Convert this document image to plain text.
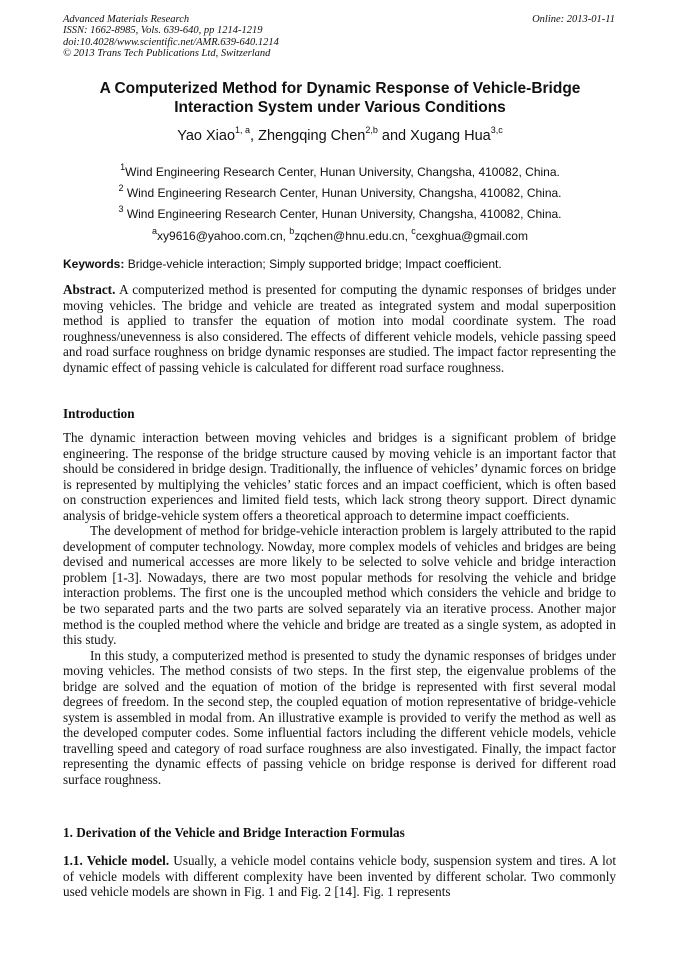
Advanced Materials Research
ISSN: 1662-8985, Vols. 639-640, pp 1214-1219
doi:10.4028/www.scientific.net/AMR.639-640.1214
© 2013 Trans Tech Publications Ltd, Switzerland
Online: 2013-01-11
A Computerized Method for Dynamic Response of Vehicle-Bridge
Interaction System under Various Conditions
Yao Xiao$^{1, a}$, Zhengqing Chen$^{2,b}$ and Xugang Hua$^{3,c}$
$^1$Wind Engineering Research Center, Hunan University, Changsha, 410082, China.
$^2$ Wind Engineering Research Center, Hunan University, Changsha, 410082, China.
$^3$ Wind Engineering Research Center, Hunan University, Changsha, 410082, China.
$^a$xy9616@yahoo.com.cn, $^b$zqchen@hnu.edu.cn, $^c$cexghua@gmail.com
Keywords: Bridge-vehicle interaction; Simply supported bridge; Impact coefficient.
Abstract. A computerized method is presented for computing the dynamic responses of bridges under moving vehicles. The bridge and vehicle are treated as integrated system and modal superposition method is applied to transfer the equation of motion into modal coordinate system. The road roughness/unevenness is also considered. The effects of different vehicle models, vehicle passing speed and road surface roughness on bridge dynamic responses are studied. The impact factor representing the dynamic effect of passing vehicle is calculated for different road surface roughness.
Introduction

The dynamic interaction between moving vehicles and bridges is a significant problem of bridge engineering. The response of the bridge structure caused by moving vehicle is an important factor that should be considered in bridge design. Traditionally, the influence of vehicles’ dynamic forces on bridge is represented by multiplying the vehicles’ static forces and an impact coefficient, which is often based on construction experiences and limited field tests, which lack strong theory support. Direct dynamic analysis of bridge-vehicle system offers a theoretical approach to determine impact coefficients.

The development of method for bridge-vehicle interaction problem is largely attributed to the rapid development of computer technology. Nowday, more complex models of vehicles and bridges are being devised and numerical accesses are more likely to be selected to solve vehicle and bridge interaction problem [1-3]. Nowadays, there are two most popular methods for resolving the vehicle and bridge interaction problems. The first one is the uncoupled method which considers the vehicle and bridge to be two separated parts and the two parts are solved separately via an iterative process. Another major method is the coupled method where the vehicle and bridge are treated as a single system, as adopted in this study.

In this study, a computerized method is presented to study the dynamic responses of bridges under moving vehicles. The method consists of two steps. In the first step, the eigenvalue problems of the bridge are solved and the equation of motion of the bridge is represented with first several modal degrees of freedom. In the second step, the coupled equation of motion representative of bridge-vehicle system is assembled in modal from. An illustrative example is provided to verify the method as well as the developed computer codes. Some influential factors including the different vehicle models, vehicle travelling speed and category of road surface roughness are also investigated. Finally, the impact factor representing the dynamic effects of passing vehicle on bridge response is derived for different road surface roughness.

1. Derivation of the Vehicle and Bridge Interaction Formulas

1.1. Vehicle model. Usually, a vehicle model contains vehicle body, suspension system and tires. A lot of vehicle models with different complexity have been invented by different scholar. Two commonly used vehicle models are shown in Fig. 1 and Fig. 2 [14]. Fig. 1 represents
